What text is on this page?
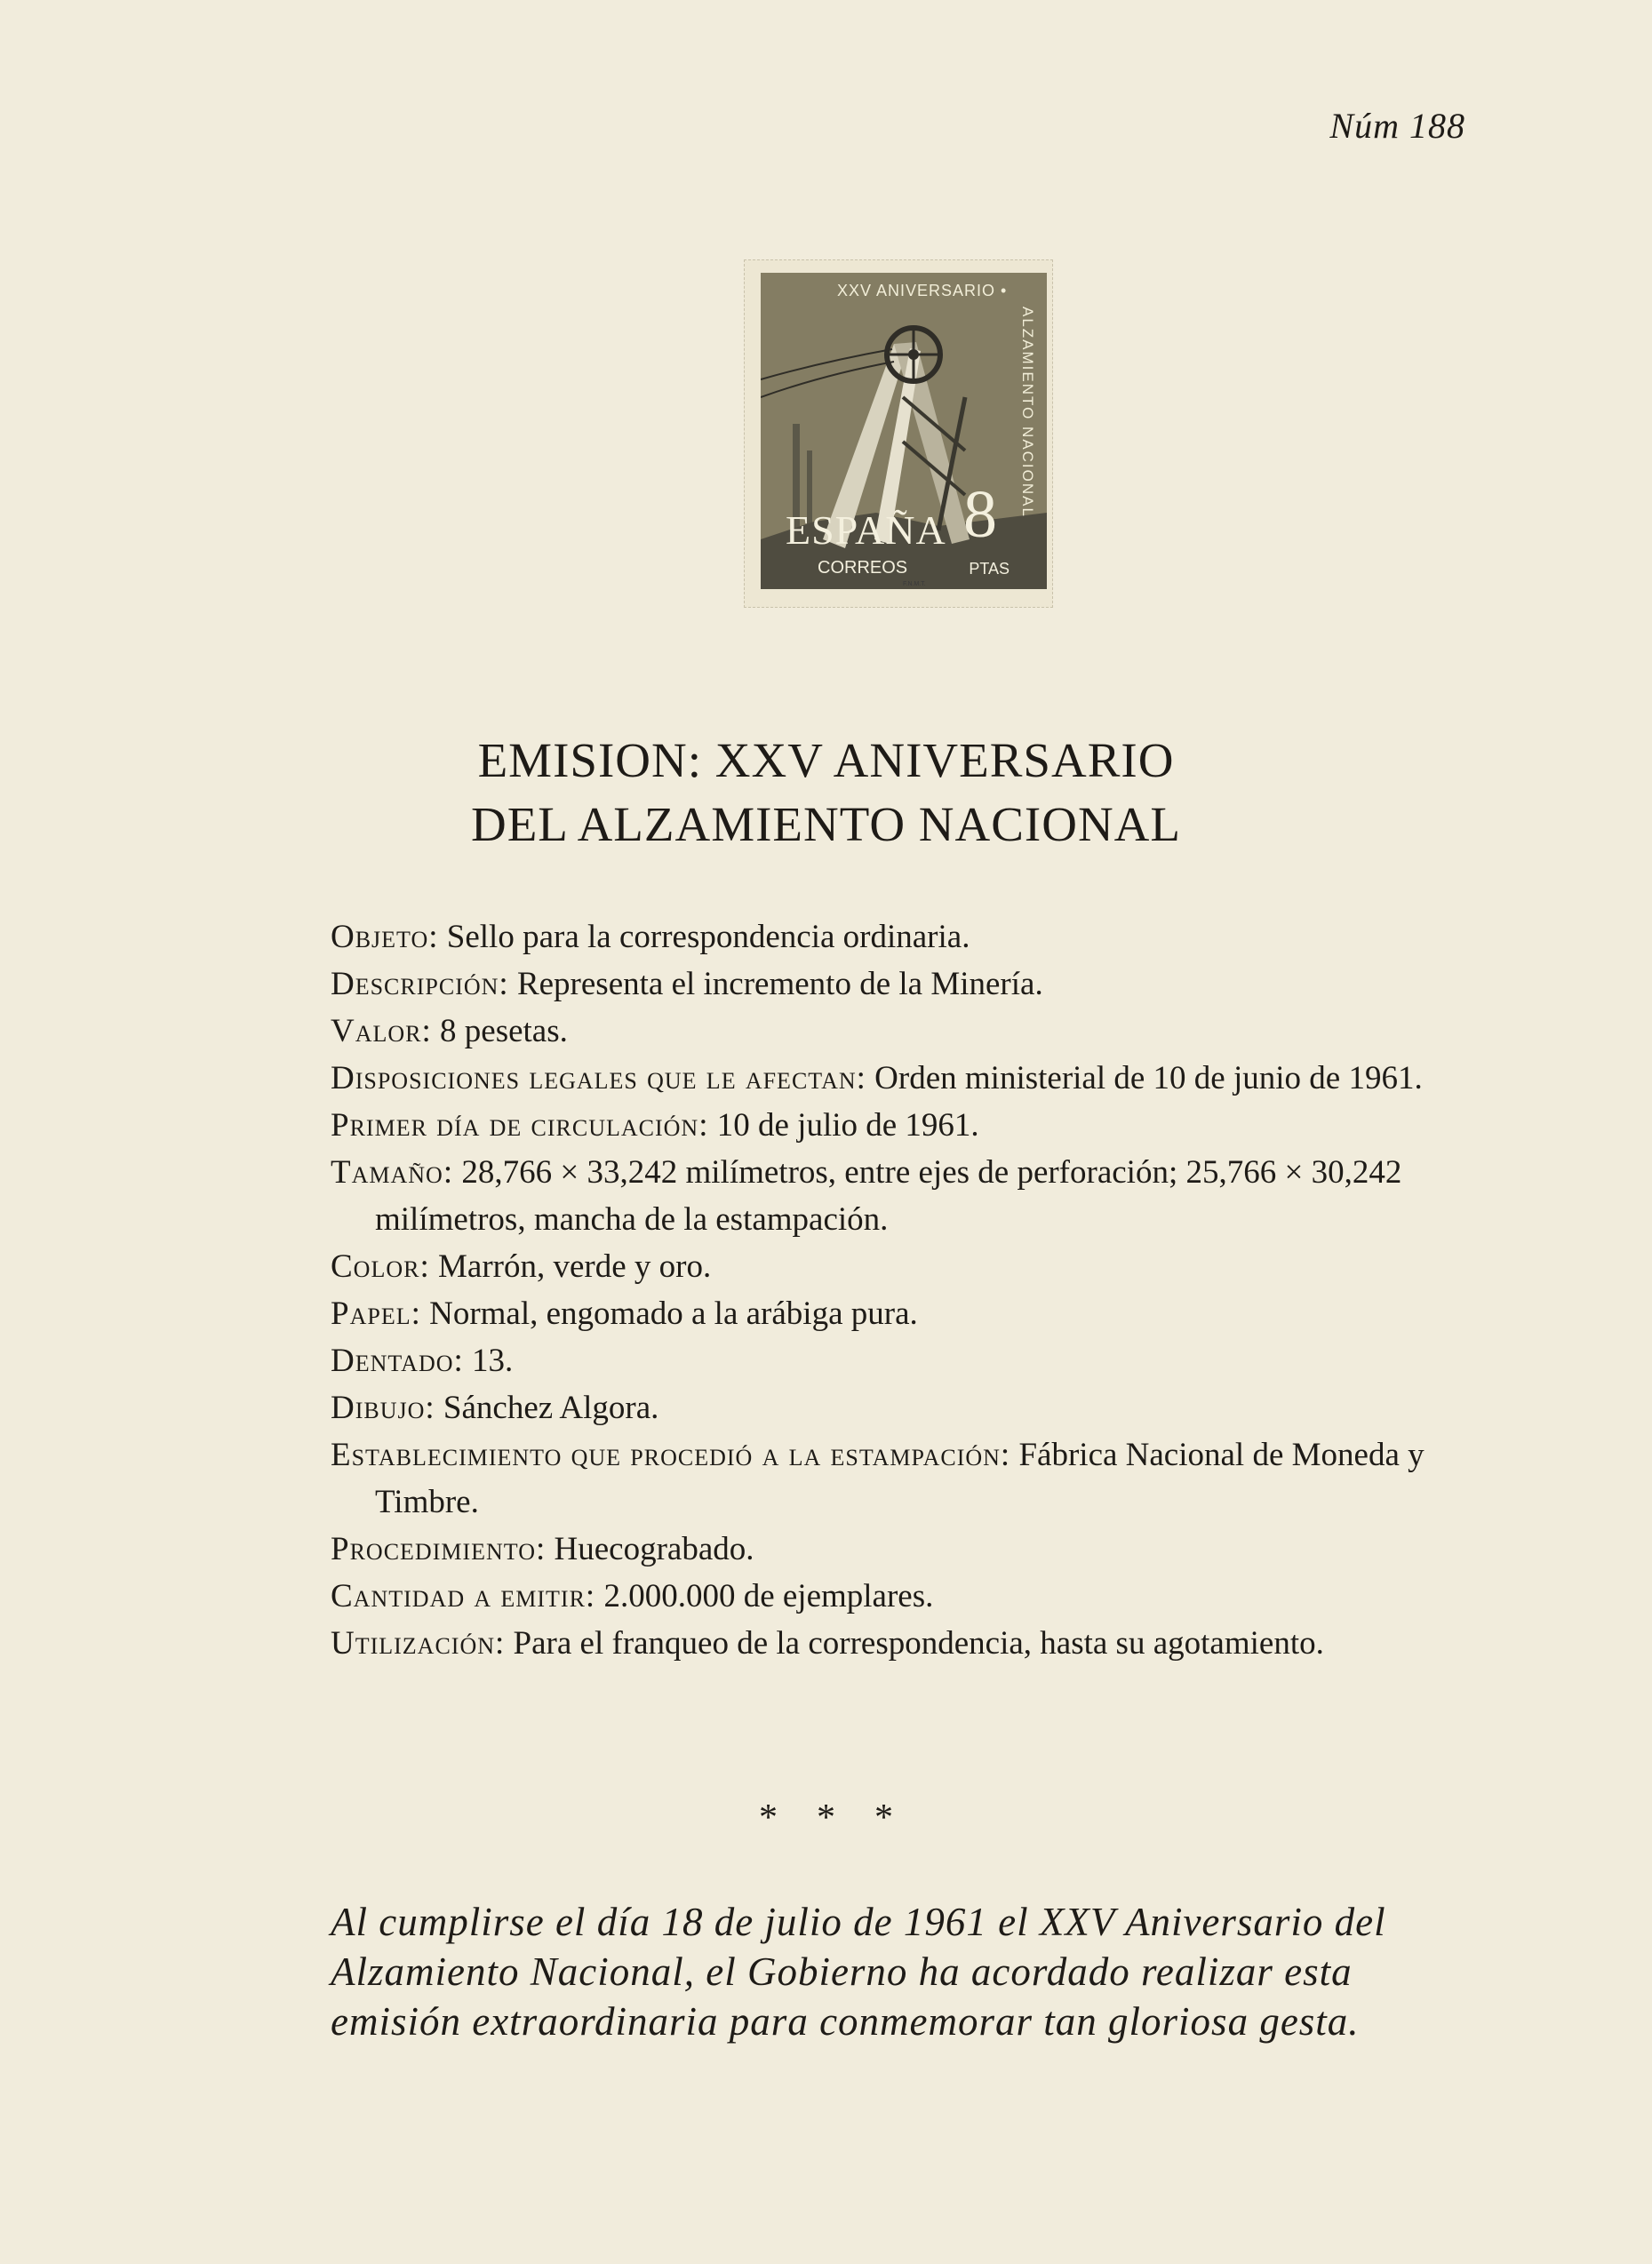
Núm 188
XXV ANIVERSARIO •
ALZAMIENTO NACIONAL
ESPAÑA
CORREOS
8
PTAS
F.N.M.T.
EMISION: XXV ANIVERSARIO
DEL ALZAMIENTO NACIONAL

Objeto: Sello para la correspondencia ordinaria.

Descripción: Representa el incremento de la Minería.

Valor: 8 pesetas.

Disposiciones legales que le afectan: Orden ministerial de 10 de junio de 1961.

Primer día de circulación: 10 de julio de 1961.

Tamaño: 28,766 × 33,242 milímetros, entre ejes de perforación; 25,766 × 30,242 milímetros, mancha de la estampación.

Color: Marrón, verde y oro.

Papel: Normal, engomado a la arábiga pura.

Dentado: 13.

Dibujo: Sánchez Algora.

Establecimiento que procedió a la estampación: Fábrica Nacional de Moneda y Timbre.

Procedimiento: Huecograbado.

Cantidad a emitir: 2.000.000 de ejemplares.

Utilización: Para el franqueo de la correspondencia, hasta su agotamiento.

* * *
Al cumplirse el día 18 de julio de 1961 el XXV Aniversario del Alzamiento Nacional, el Gobierno ha acordado realizar esta emisión extraordinaria para conmemorar tan gloriosa gesta.
